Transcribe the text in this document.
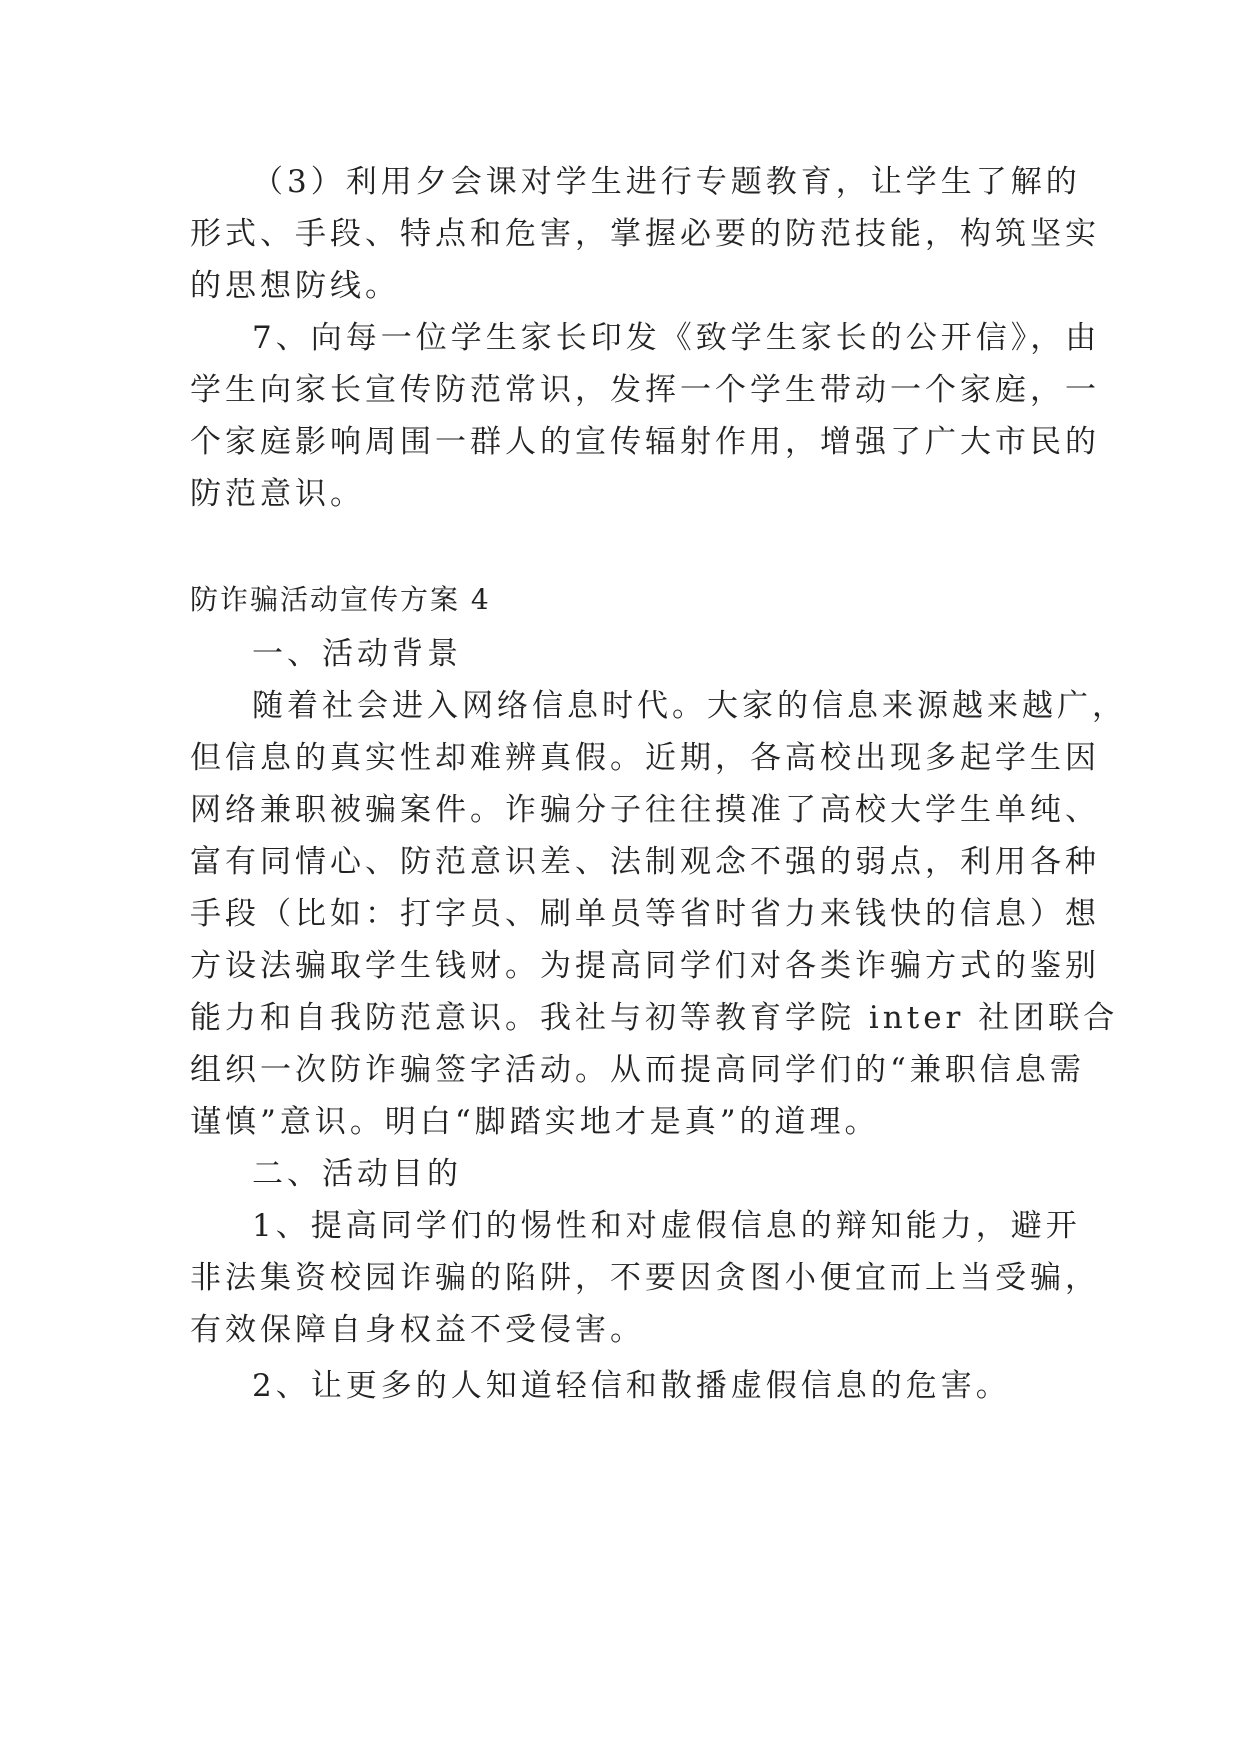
（3）利用夕会课对学生进行专题教育，让学生了解的
形式、手段、特点和危害，掌握必要的防范技能，构筑坚实
的思想防线。
7、向每一位学生家长印发《致学生家长的公开信》，由
学生向家长宣传防范常识，发挥一个学生带动一个家庭，一
个家庭影响周围一群人的宣传辐射作用，增强了广大市民的
防范意识。
防诈骗活动宣传方案 4
一、活动背景
随着社会进入网络信息时代。大家的信息来源越来越广，
但信息的真实性却难辨真假。近期，各高校出现多起学生因
网络兼职被骗案件。诈骗分子往往摸准了高校大学生单纯、
富有同情心、防范意识差、法制观念不强的弱点，利用各种
手段（比如：打字员、刷单员等省时省力来钱快的信息）想
方设法骗取学生钱财。为提高同学们对各类诈骗方式的鉴别
能力和自我防范意识。我社与初等教育学院 inter 社团联合
组织一次防诈骗签字活动。从而提高同学们的“兼职信息需
谨慎”意识。明白“脚踏实地才是真”的道理。
二、活动目的
1、提高同学们的惕性和对虚假信息的辩知能力，避开
非法集资校园诈骗的陷阱，不要因贪图小便宜而上当受骗，
有效保障自身权益不受侵害。
2、让更多的人知道轻信和散播虚假信息的危害。
